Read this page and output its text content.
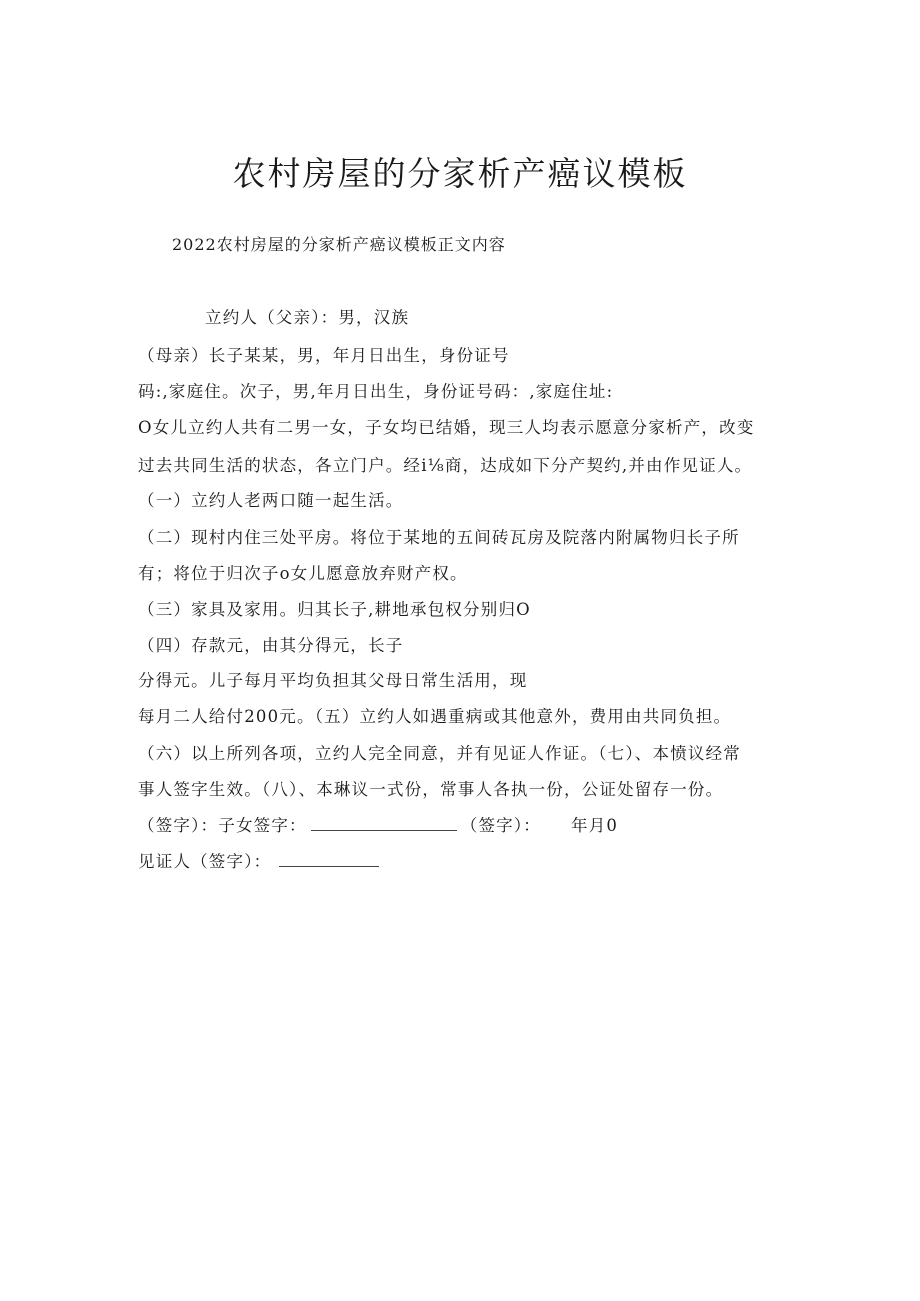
农村房屋的分家析产癌议模板
2022农村房屋的分家析产癌议模板正文内容
立约人（父亲）：男，汉族
（母亲）长子某某，男，年月日出生，身份证号
码:,家庭住。次子，男,年月日出生，身份证号码：,家庭住址:
O女儿立约人共有二男一女，子女均已结婚，现三人均表示愿意分家析产，改变
过去共同生活的状态，各立门户。经i⅛商，达成如下分产契约,并由作见证人。
（一）立约人老两口随一起生活。
（二）现村内住三处平房。将位于某地的五间砖瓦房及院落内附属物归长子所
有；将位于归次子o女儿愿意放弃财产权。
（三）家具及家用。归其长子,耕地承包权分别归O
（四）存款元，由其分得元，长子
分得元。儿子每月平均负担其父母日常生活用，现
每月二人给付200元。（五）立约人如遇重病或其他意外，费用由共同负担。
（六）以上所列各项，立约人完全同意，并有见证人作证。（七）、本愤议经常
事人签字生效。（八）、本琳议一式份，常事人各执一份，公证处留存一份。
（签字）：子女签字：	（签字）： 年月0
见证人（签字）：
